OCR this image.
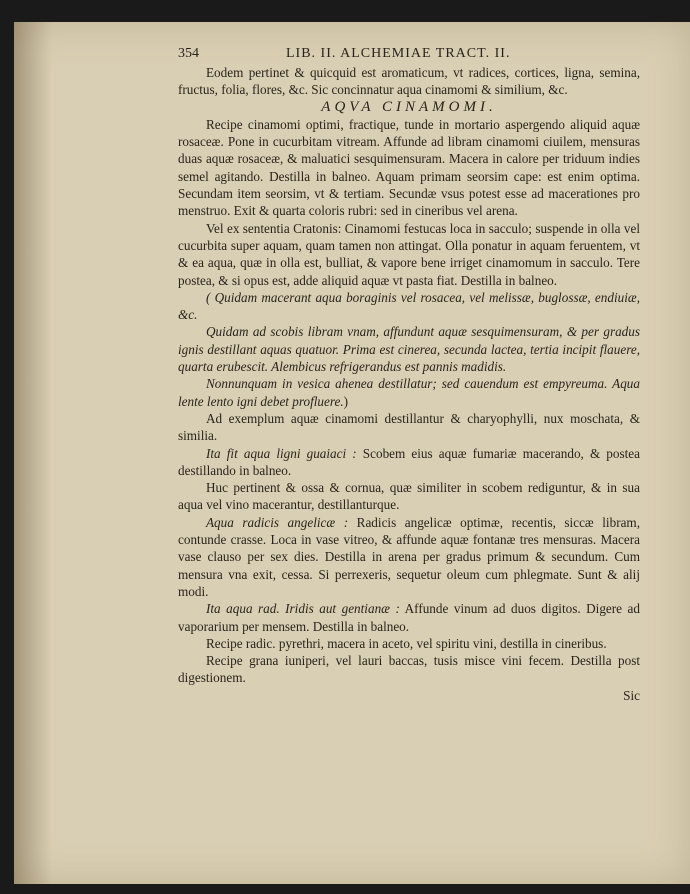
354	LIB. II. ALCHEMIAE TRACT. II.

Eodem pertinet & quicquid est aromaticum, vt radices, cortices, ligna, semina, fructus, folia, flores, &c. Sic concinnatur aqua cinamomi & similium, &c.

AQVA CINAMOMI.

Recipe cinamomi optimi, fractique, tunde in mortario aspergendo aliquid aquæ rosaceæ. Pone in cucurbitam vitream. Affunde ad libram cinamomi ciuilem, mensuras duas aquæ rosaceæ, & maluatici sesquimensuram. Macera in calore per triduum indies semel agitando. Destilla in balneo. Aquam primam seorsim cape: est enim optima. Secundam item seorsim, vt & tertiam. Secundæ vsus potest esse ad macerationes pro menstruo. Exit & quarta coloris rubri: sed in cineribus vel arena.

Vel ex sententia Cratonis: Cinamomi festucas loca in sacculo; suspende in olla vel cucurbita super aquam, quam tamen non attingat. Olla ponatur in aquam feruentem, vt & ea aqua, quæ in olla est, bulliat, & vapore bene irriget cinamomum in sacculo. Tere postea, & si opus est, adde aliquid aquæ vt pasta fiat. Destilla in balneo.

( Quidam macerant aqua boraginis vel rosacea, vel melissæ, buglossæ, endiuiæ, &c.

Quidam ad scobis libram vnam, affundunt aquæ sesquimensuram, & per gradus ignis destillant aquas quatuor. Prima est cinerea, secunda lactea, tertia incipit flauere, quarta erubescit. Alembicus refrigerandus est pannis madidis.

Nonnunquam in vesica ahenea destillatur; sed cauendum est empyreuma. Aqua lente lento igni debet profluere.)

Ad exemplum aquæ cinamomi destillantur & charyophylli, nux moschata, & similia.

Ita fit aqua ligni guaiaci : Scobem eius aquæ fumariæ macerando, & postea destillando in balneo.

Huc pertinent & ossa & cornua, quæ similiter in scobem rediguntur, & in sua aqua vel vino macerantur, destillanturque.

Aqua radicis angelicæ : Radicis angelicæ optimæ, recentis, siccæ libram, contunde crasse. Loca in vase vitreo, & affunde aquæ fontanæ tres mensuras. Macera vase clauso per sex dies. Destilla in arena per gradus primum & secundum. Cum mensura vna exit, cessa. Si perrexeris, sequetur oleum cum phlegmate. Sunt & alij modi.

Ita aqua rad. Iridis aut gentianæ : Affunde vinum ad duos digitos. Digere ad vaporarium per mensem. Destilla in balneo.

Recipe radic. pyrethri, macera in aceto, vel spiritu vini, destilla in cineribus.

Recipe grana iuniperi, vel lauri baccas, tusis misce vini fecem. Destilla post digestionem.

Sic
